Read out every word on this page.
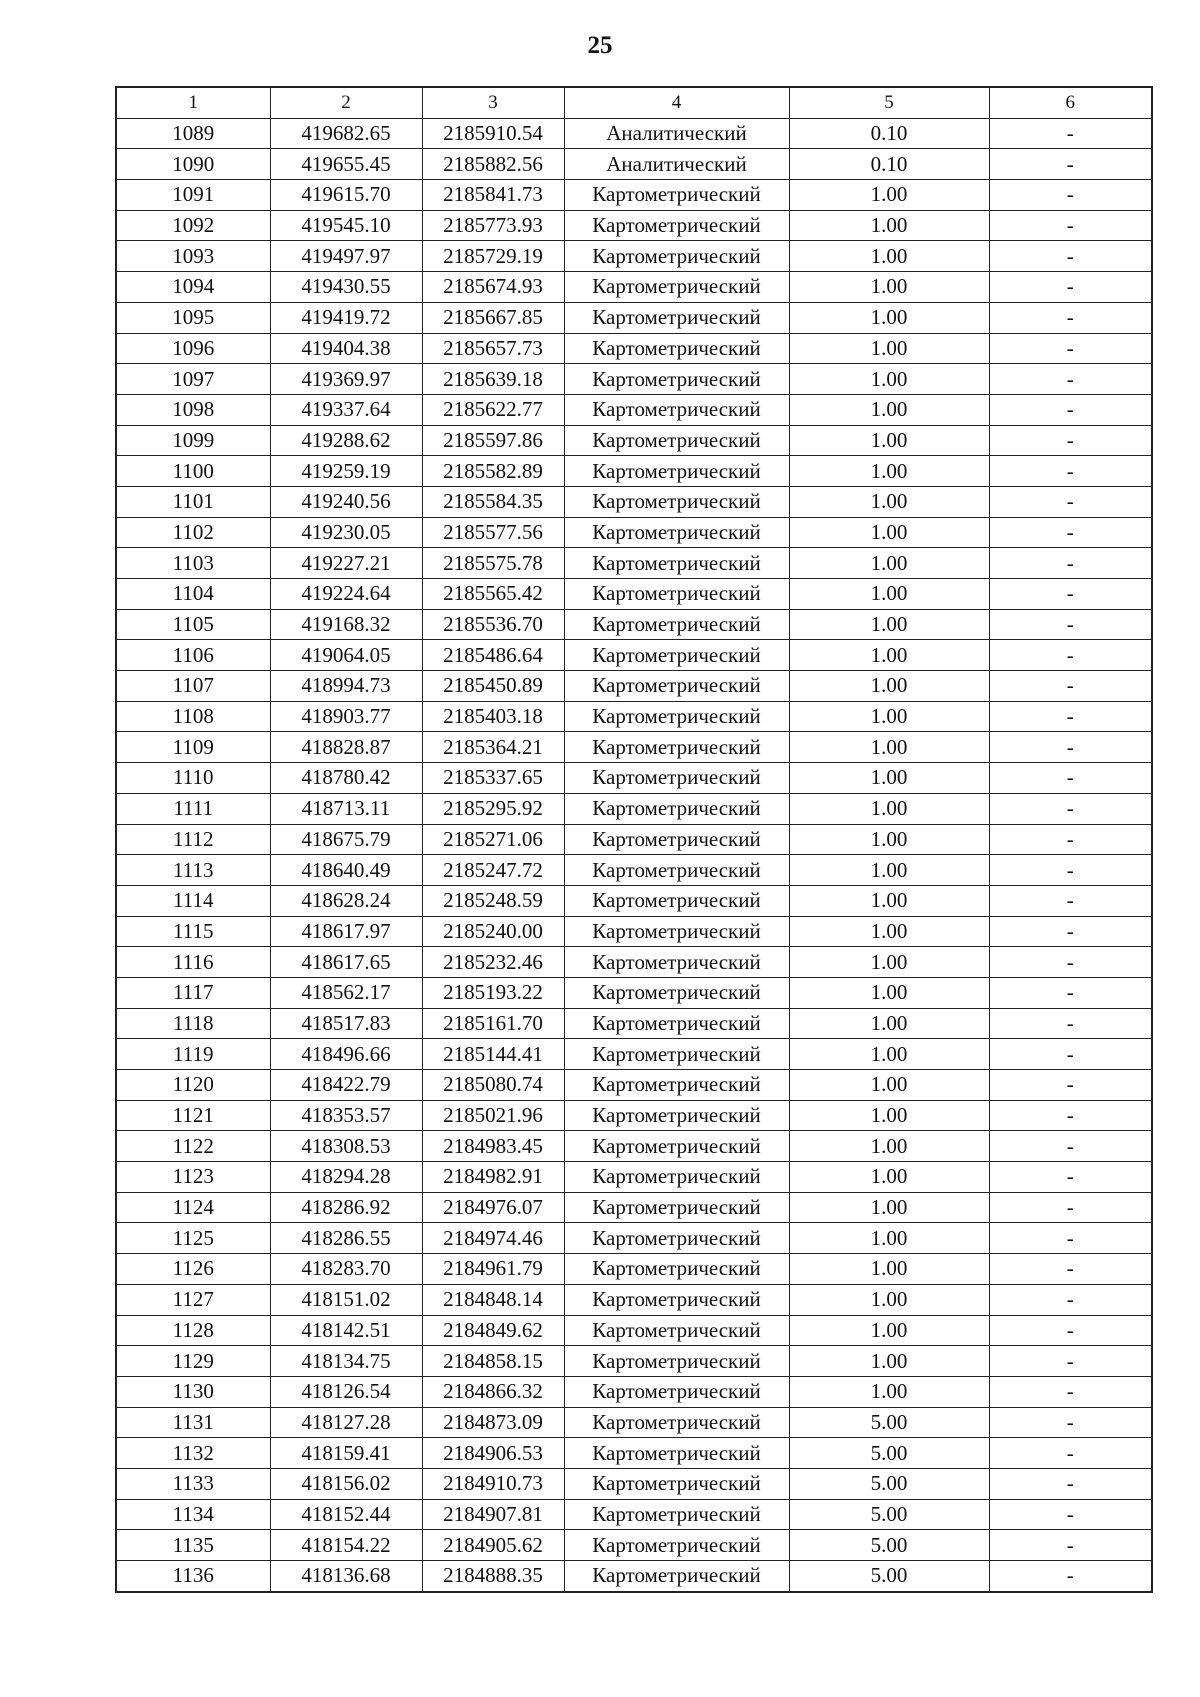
25
1	2	3	4	5	6
1089	419682.65	2185910.54	Аналитический	0.10	-
1090	419655.45	2185882.56	Аналитический	0.10	-
1091	419615.70	2185841.73	Картометрический	1.00	-
1092	419545.10	2185773.93	Картометрический	1.00	-
1093	419497.97	2185729.19	Картометрический	1.00	-
1094	419430.55	2185674.93	Картометрический	1.00	-
1095	419419.72	2185667.85	Картометрический	1.00	-
1096	419404.38	2185657.73	Картометрический	1.00	-
1097	419369.97	2185639.18	Картометрический	1.00	-
1098	419337.64	2185622.77	Картометрический	1.00	-
1099	419288.62	2185597.86	Картометрический	1.00	-
1100	419259.19	2185582.89	Картометрический	1.00	-
1101	419240.56	2185584.35	Картометрический	1.00	-
1102	419230.05	2185577.56	Картометрический	1.00	-
1103	419227.21	2185575.78	Картометрический	1.00	-
1104	419224.64	2185565.42	Картометрический	1.00	-
1105	419168.32	2185536.70	Картометрический	1.00	-
1106	419064.05	2185486.64	Картометрический	1.00	-
1107	418994.73	2185450.89	Картометрический	1.00	-
1108	418903.77	2185403.18	Картометрический	1.00	-
1109	418828.87	2185364.21	Картометрический	1.00	-
1110	418780.42	2185337.65	Картометрический	1.00	-
1111	418713.11	2185295.92	Картометрический	1.00	-
1112	418675.79	2185271.06	Картометрический	1.00	-
1113	418640.49	2185247.72	Картометрический	1.00	-
1114	418628.24	2185248.59	Картометрический	1.00	-
1115	418617.97	2185240.00	Картометрический	1.00	-
1116	418617.65	2185232.46	Картометрический	1.00	-
1117	418562.17	2185193.22	Картометрический	1.00	-
1118	418517.83	2185161.70	Картометрический	1.00	-
1119	418496.66	2185144.41	Картометрический	1.00	-
1120	418422.79	2185080.74	Картометрический	1.00	-
1121	418353.57	2185021.96	Картометрический	1.00	-
1122	418308.53	2184983.45	Картометрический	1.00	-
1123	418294.28	2184982.91	Картометрический	1.00	-
1124	418286.92	2184976.07	Картометрический	1.00	-
1125	418286.55	2184974.46	Картометрический	1.00	-
1126	418283.70	2184961.79	Картометрический	1.00	-
1127	418151.02	2184848.14	Картометрический	1.00	-
1128	418142.51	2184849.62	Картометрический	1.00	-
1129	418134.75	2184858.15	Картометрический	1.00	-
1130	418126.54	2184866.32	Картометрический	1.00	-
1131	418127.28	2184873.09	Картометрический	5.00	-
1132	418159.41	2184906.53	Картометрический	5.00	-
1133	418156.02	2184910.73	Картометрический	5.00	-
1134	418152.44	2184907.81	Картометрический	5.00	-
1135	418154.22	2184905.62	Картометрический	5.00	-
1136	418136.68	2184888.35	Картометрический	5.00	-
